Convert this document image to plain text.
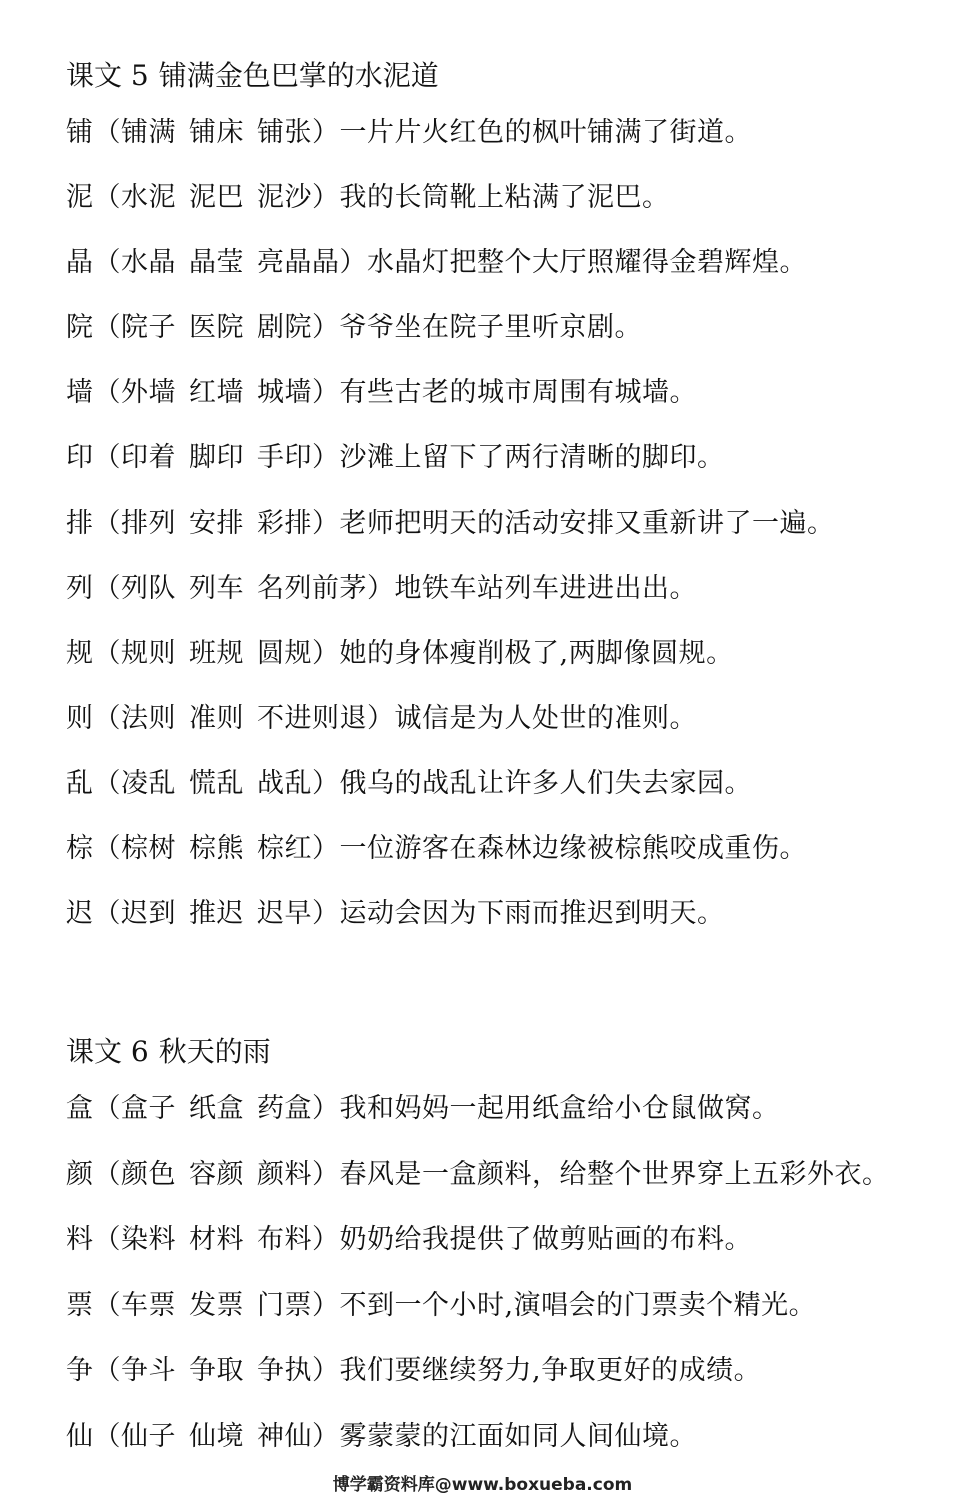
课文 5 铺满金色巴掌的水泥道
铺（铺满 铺床 铺张）一片片火红色的枫叶铺满了街道。
泥（水泥 泥巴 泥沙）我的长筒靴上粘满了泥巴。
晶（水晶 晶莹 亮晶晶）水晶灯把整个大厅照耀得金碧辉煌。
院（院子 医院 剧院）爷爷坐在院子里听京剧。
墙（外墙 红墙 城墙）有些古老的城市周围有城墙。
印（印着 脚印 手印）沙滩上留下了两行清晰的脚印。
排（排列 安排 彩排）老师把明天的活动安排又重新讲了一遍。
列（列队 列车 名列前茅）地铁车站列车进进出出。
规（规则 班规 圆规）她的身体瘦削极了,两脚像圆规。
则（法则 准则 不进则退）诚信是为人处世的准则。
乱（凌乱 慌乱 战乱）俄乌的战乱让许多人们失去家园。
棕（棕树 棕熊 棕红）一位游客在森林边缘被棕熊咬成重伤。
迟（迟到 推迟 迟早）运动会因为下雨而推迟到明天。
课文 6 秋天的雨
盒（盒子 纸盒 药盒）我和妈妈一起用纸盒给小仓鼠做窝。
颜（颜色 容颜 颜料）春风是一盒颜料，给整个世界穿上五彩外衣。
料（染料 材料 布料）奶奶给我提供了做剪贴画的布料。
票（车票 发票 门票）不到一个小时,演唱会的门票卖个精光。
争（争斗 争取 争执）我们要继续努力,争取更好的成绩。
仙（仙子 仙境 神仙）雾蒙蒙的江面如同人间仙境。
博学霸资料库@www.boxueba.com
